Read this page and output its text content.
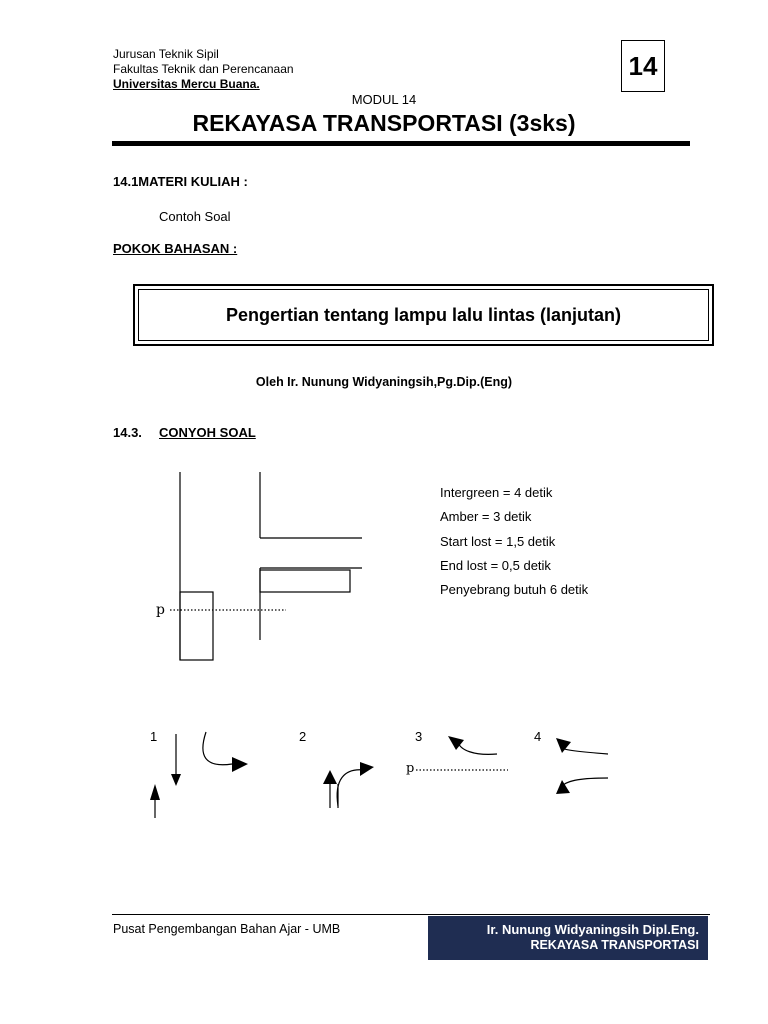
Jurusan Teknik Sipil
Fakultas Teknik dan Perencanaan
Universitas Mercu Buana.
14
MODUL 14
REKAYASA TRANSPORTASI (3sks)
14.1MATERI KULIAH :
Contoh Soal
POKOK BAHASAN :
Pengertian tentang lampu lalu lintas (lanjutan)
Oleh Ir. Nunung Widyaningsih,Pg.Dip.(Eng)
14.3. CONYOH SOAL
p
Intergreen = 4 detik
Amber = 3 detik
Start lost = 1,5 detik
End lost = 0,5 detik
Penyebrang butuh 6 detik
1	2	3	4
p
Pusat Pengembangan Bahan Ajar - UMB	Ir. Nunung Widyaningsih Dipl.Eng.
REKAYASA TRANSPORTASI
